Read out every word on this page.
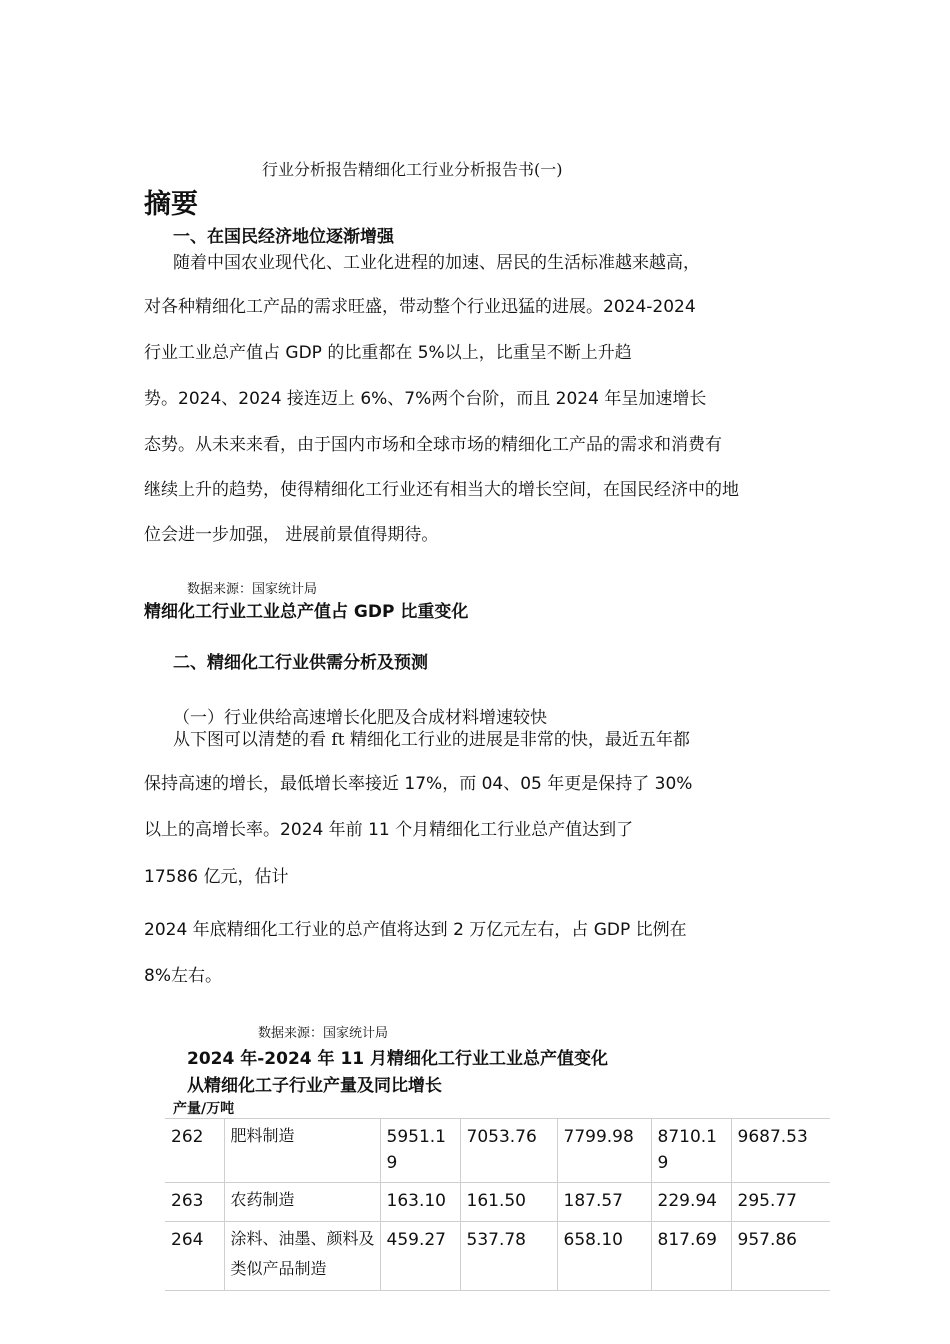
行业分析报告精细化工行业分析报告书(一)
摘要
一、在国民经济地位逐渐增强
随着中国农业现代化、工业化进程的加速、居民的生活标准越来越高，
对各种精细化工产品的需求旺盛，带动整个行业迅猛的进展。2024-2024
行业工业总产值占 GDP 的比重都在 5%以上，比重呈不断上升趋
势。2024、2024 接连迈上 6%、7%两个台阶，而且 2024 年呈加速增长
态势。从未来来看，由于国内市场和全球市场的精细化工产品的需求和消费有
继续上升的趋势，使得精细化工行业还有相当大的增长空间，在国民经济中的地
位会进一步加强， 进展前景值得期待。
数据来源：国家统计局
精细化工行业工业总产值占 GDP 比重变化
二、精细化工行业供需分析及预测
（一）行业供给高速增长化肥及合成材料增速较快
从下图可以清楚的看 ft 精细化工行业的进展是非常的快，最近五年都
保持高速的增长，最低增长率接近 17%，而 04、05 年更是保持了 30%
以上的高增长率。2024 年前 11 个月精细化工行业总产值达到了
17586 亿元，估计
2024 年底精细化工行业的总产值将达到 2 万亿元左右，占 GDP 比例在
8%左右。
数据来源：国家统计局
2024 年-2024 年 11 月精细化工行业工业总产值变化
从精细化工子行业产量及同比增长
产量/万吨
262	肥料制造	5951.19	7053.76	7799.98	8710.19	9687.53
263	农药制造	163.10	161.50	187.57	229.94	295.77
264	涂料、油墨、颜料及类似产品制造	459.27	537.78	658.10	817.69	957.86
